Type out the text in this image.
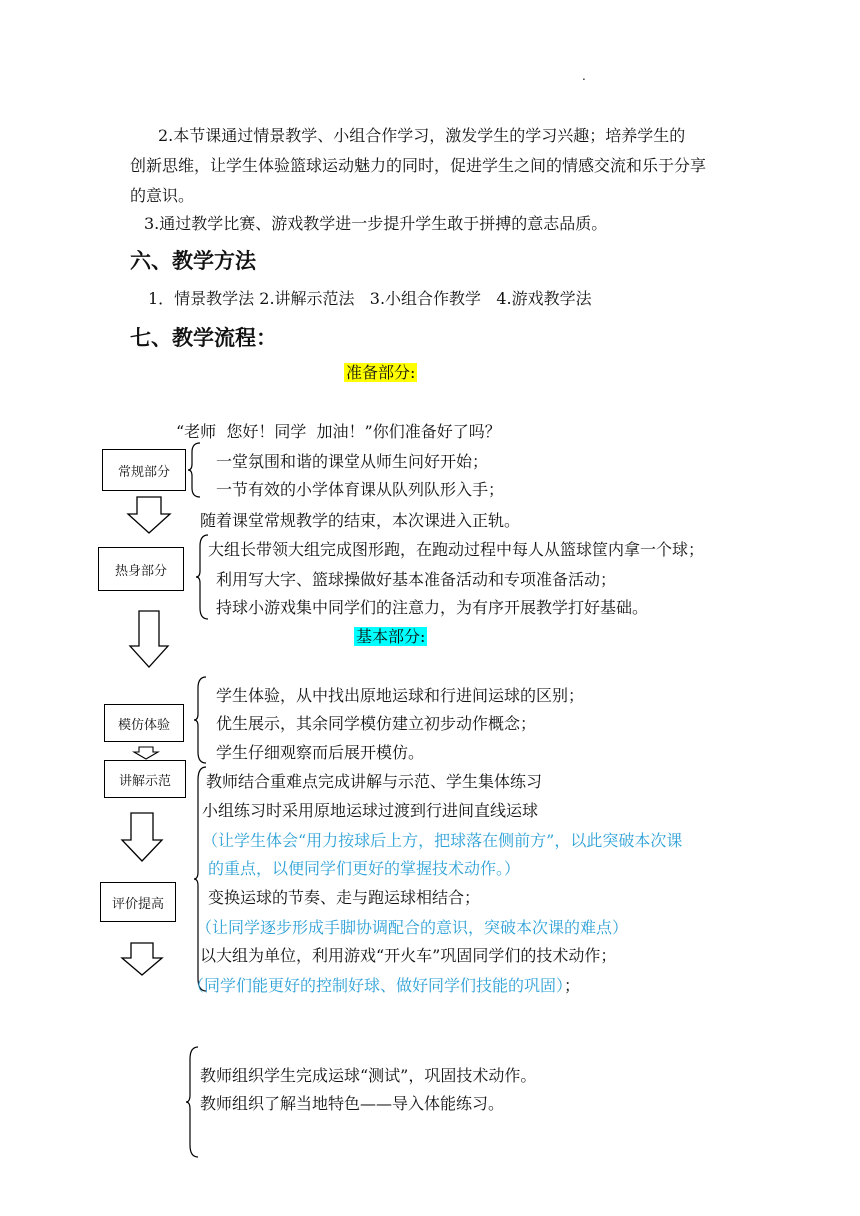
.
2.本节课通过情景教学、小组合作学习，激发学生的学习兴趣；培养学生的
创新思维，让学生体验篮球运动魅力的同时，促进学生之间的情感交流和乐于分享
的意识。
3.通过教学比赛、游戏教学进一步提升学生敢于拼搏的意志品质。
六、教学方法
1．情景教学法 2.讲解示范法   3.小组合作教学   4.游戏教学法
七、教学流程：
准备部分:
“老师  您好！同学  加油！”你们准备好了吗？
常规部分
一堂氛围和谐的课堂从师生问好开始；
一节有效的小学体育课从队列队形入手；
随着课堂常规教学的结束，本次课进入正轨。
热身部分
大组长带领大组完成图形跑，在跑动过程中每人从篮球筐内拿一个球；
利用写大字、篮球操做好基本准备活动和专项准备活动；
持球小游戏集中同学们的注意力，为有序开展教学打好基础。
基本部分:
学生体验，从中找出原地运球和行进间运球的区别；
优生展示，其余同学模仿建立初步动作概念；
学生仔细观察而后展开模仿。
模仿体验
讲解示范	教师结合重难点完成讲解与示范、学生集体练习
小组练习时采用原地运球过渡到行进间直线运球
（让学生体会“用力按球后上方，把球落在侧前方”，以此突破本次课
的重点，以便同学们更好的掌握技术动作。）
评价提高	变换运球的节奏、走与跑运球相结合；
（让同学逐步形成手脚协调配合的意识，突破本次课的难点）
以大组为单位，利用游戏“开火车”巩固同学们的技术动作；
（同学们能更好的控制好球、做好同学们技能的巩固）；
教师组织学生完成运球“测试”，巩固技术动作。
教师组织了解当地特色——导入体能练习。
